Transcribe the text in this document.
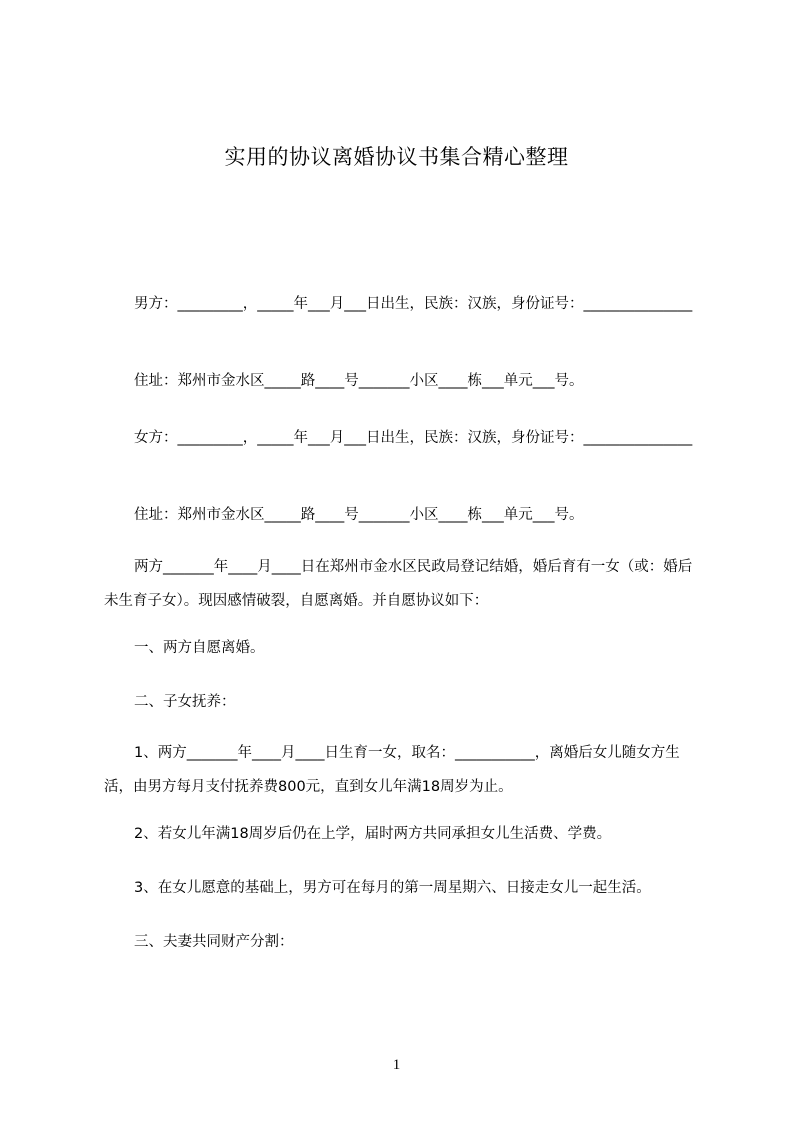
实用的协议离婚协议书集合精心整理
男方：_________，_____年___月___日出生，民族：汉族，身份证号：_______________
住址：郑州市金水区_____路____号_______小区____栋___单元___号。
女方：_________，_____年___月___日出生，民族：汉族，身份证号：_______________
住址：郑州市金水区_____路____号_______小区____栋___单元___号。
两方_______年____月____日在郑州市金水区民政局登记结婚，婚后育有一女（或：婚后未生育子女）。现因感情破裂，自愿离婚。并自愿协议如下：
一、两方自愿离婚。
二、子女抚养：
1、两方_______年____月____日生育一女，取名：___________，离婚后女儿随女方生活，由男方每月支付抚养费800元，直到女儿年满18周岁为止。
2、若女儿年满18周岁后仍在上学，届时两方共同承担女儿生活费、学费。
3、在女儿愿意的基础上，男方可在每月的第一周星期六、日接走女儿一起生活。
三、夫妻共同财产分割：
1
